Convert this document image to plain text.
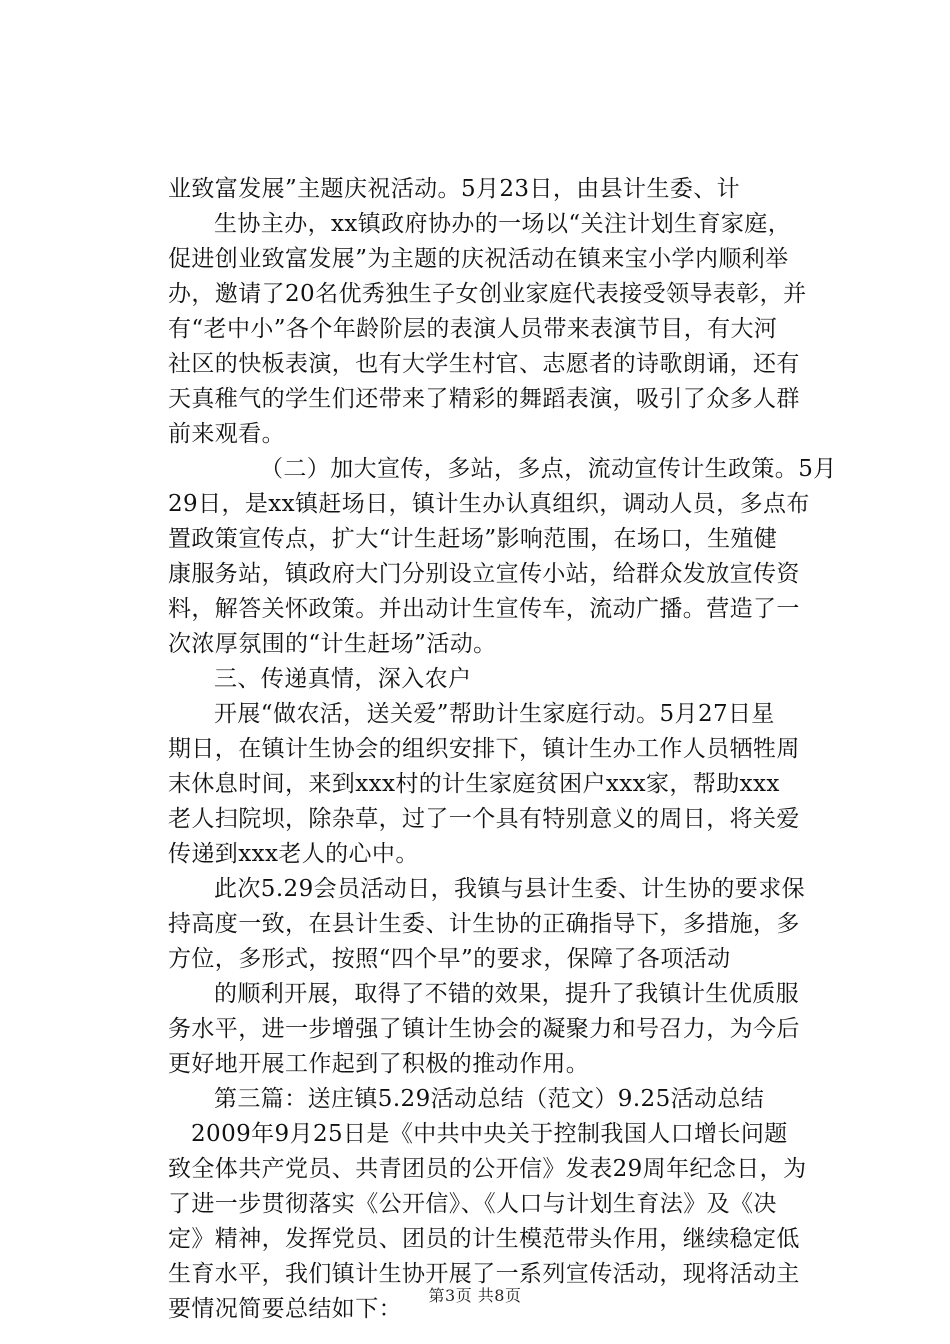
业致富发展”主题庆祝活动。5月23日，由县计生委、计
生协主办，xx镇政府协办的一场以“关注计划生育家庭，
促进创业致富发展”为主题的庆祝活动在镇来宝小学内顺利举
办，邀请了20名优秀独生子女创业家庭代表接受领导表彰，并
有“老中小”各个年龄阶层的表演人员带来表演节目，有大河
社区的快板表演，也有大学生村官、志愿者的诗歌朗诵，还有
天真稚气的学生们还带来了精彩的舞蹈表演，吸引了众多人群
前来观看。
（二）加大宣传，多站，多点，流动宣传计生政策。5月
29日，是xx镇赶场日，镇计生办认真组织，调动人员，多点布
置政策宣传点，扩大“计生赶场”影响范围，在场口，生殖健
康服务站，镇政府大门分别设立宣传小站，给群众发放宣传资
料，解答关怀政策。并出动计生宣传车，流动广播。营造了一
次浓厚氛围的“计生赶场”活动。
三、传递真情，深入农户
开展“做农活，送关爱”帮助计生家庭行动。5月27日星
期日，在镇计生协会的组织安排下，镇计生办工作人员牺牲周
末休息时间，来到xxx村的计生家庭贫困户xxx家，帮助xxx
老人扫院坝，除杂草，过了一个具有特别意义的周日，将关爱
传递到xxx老人的心中。
此次5.29会员活动日，我镇与县计生委、计生协的要求保
持高度一致，在县计生委、计生协的正确指导下，多措施，多
方位，多形式，按照“四个早”的要求，保障了各项活动
的顺利开展，取得了不错的效果，提升了我镇计生优质服
务水平，进一步增强了镇计生协会的凝聚力和号召力，为今后
更好地开展工作起到了积极的推动作用。
第三篇：送庄镇5.29活动总结（范文）9.25活动总结
2009年9月25日是《中共中央关于控制我国人口增长问题
致全体共产党员、共青团员的公开信》发表29周年纪念日，为
了进一步贯彻落实《公开信》、《人口与计划生育法》及《决
定》精神，发挥党员、团员的计生模范带头作用，继续稳定低
生育水平，我们镇计生协开展了一系列宣传活动，现将活动主
要情况简要总结如下：
第3页 共8页
